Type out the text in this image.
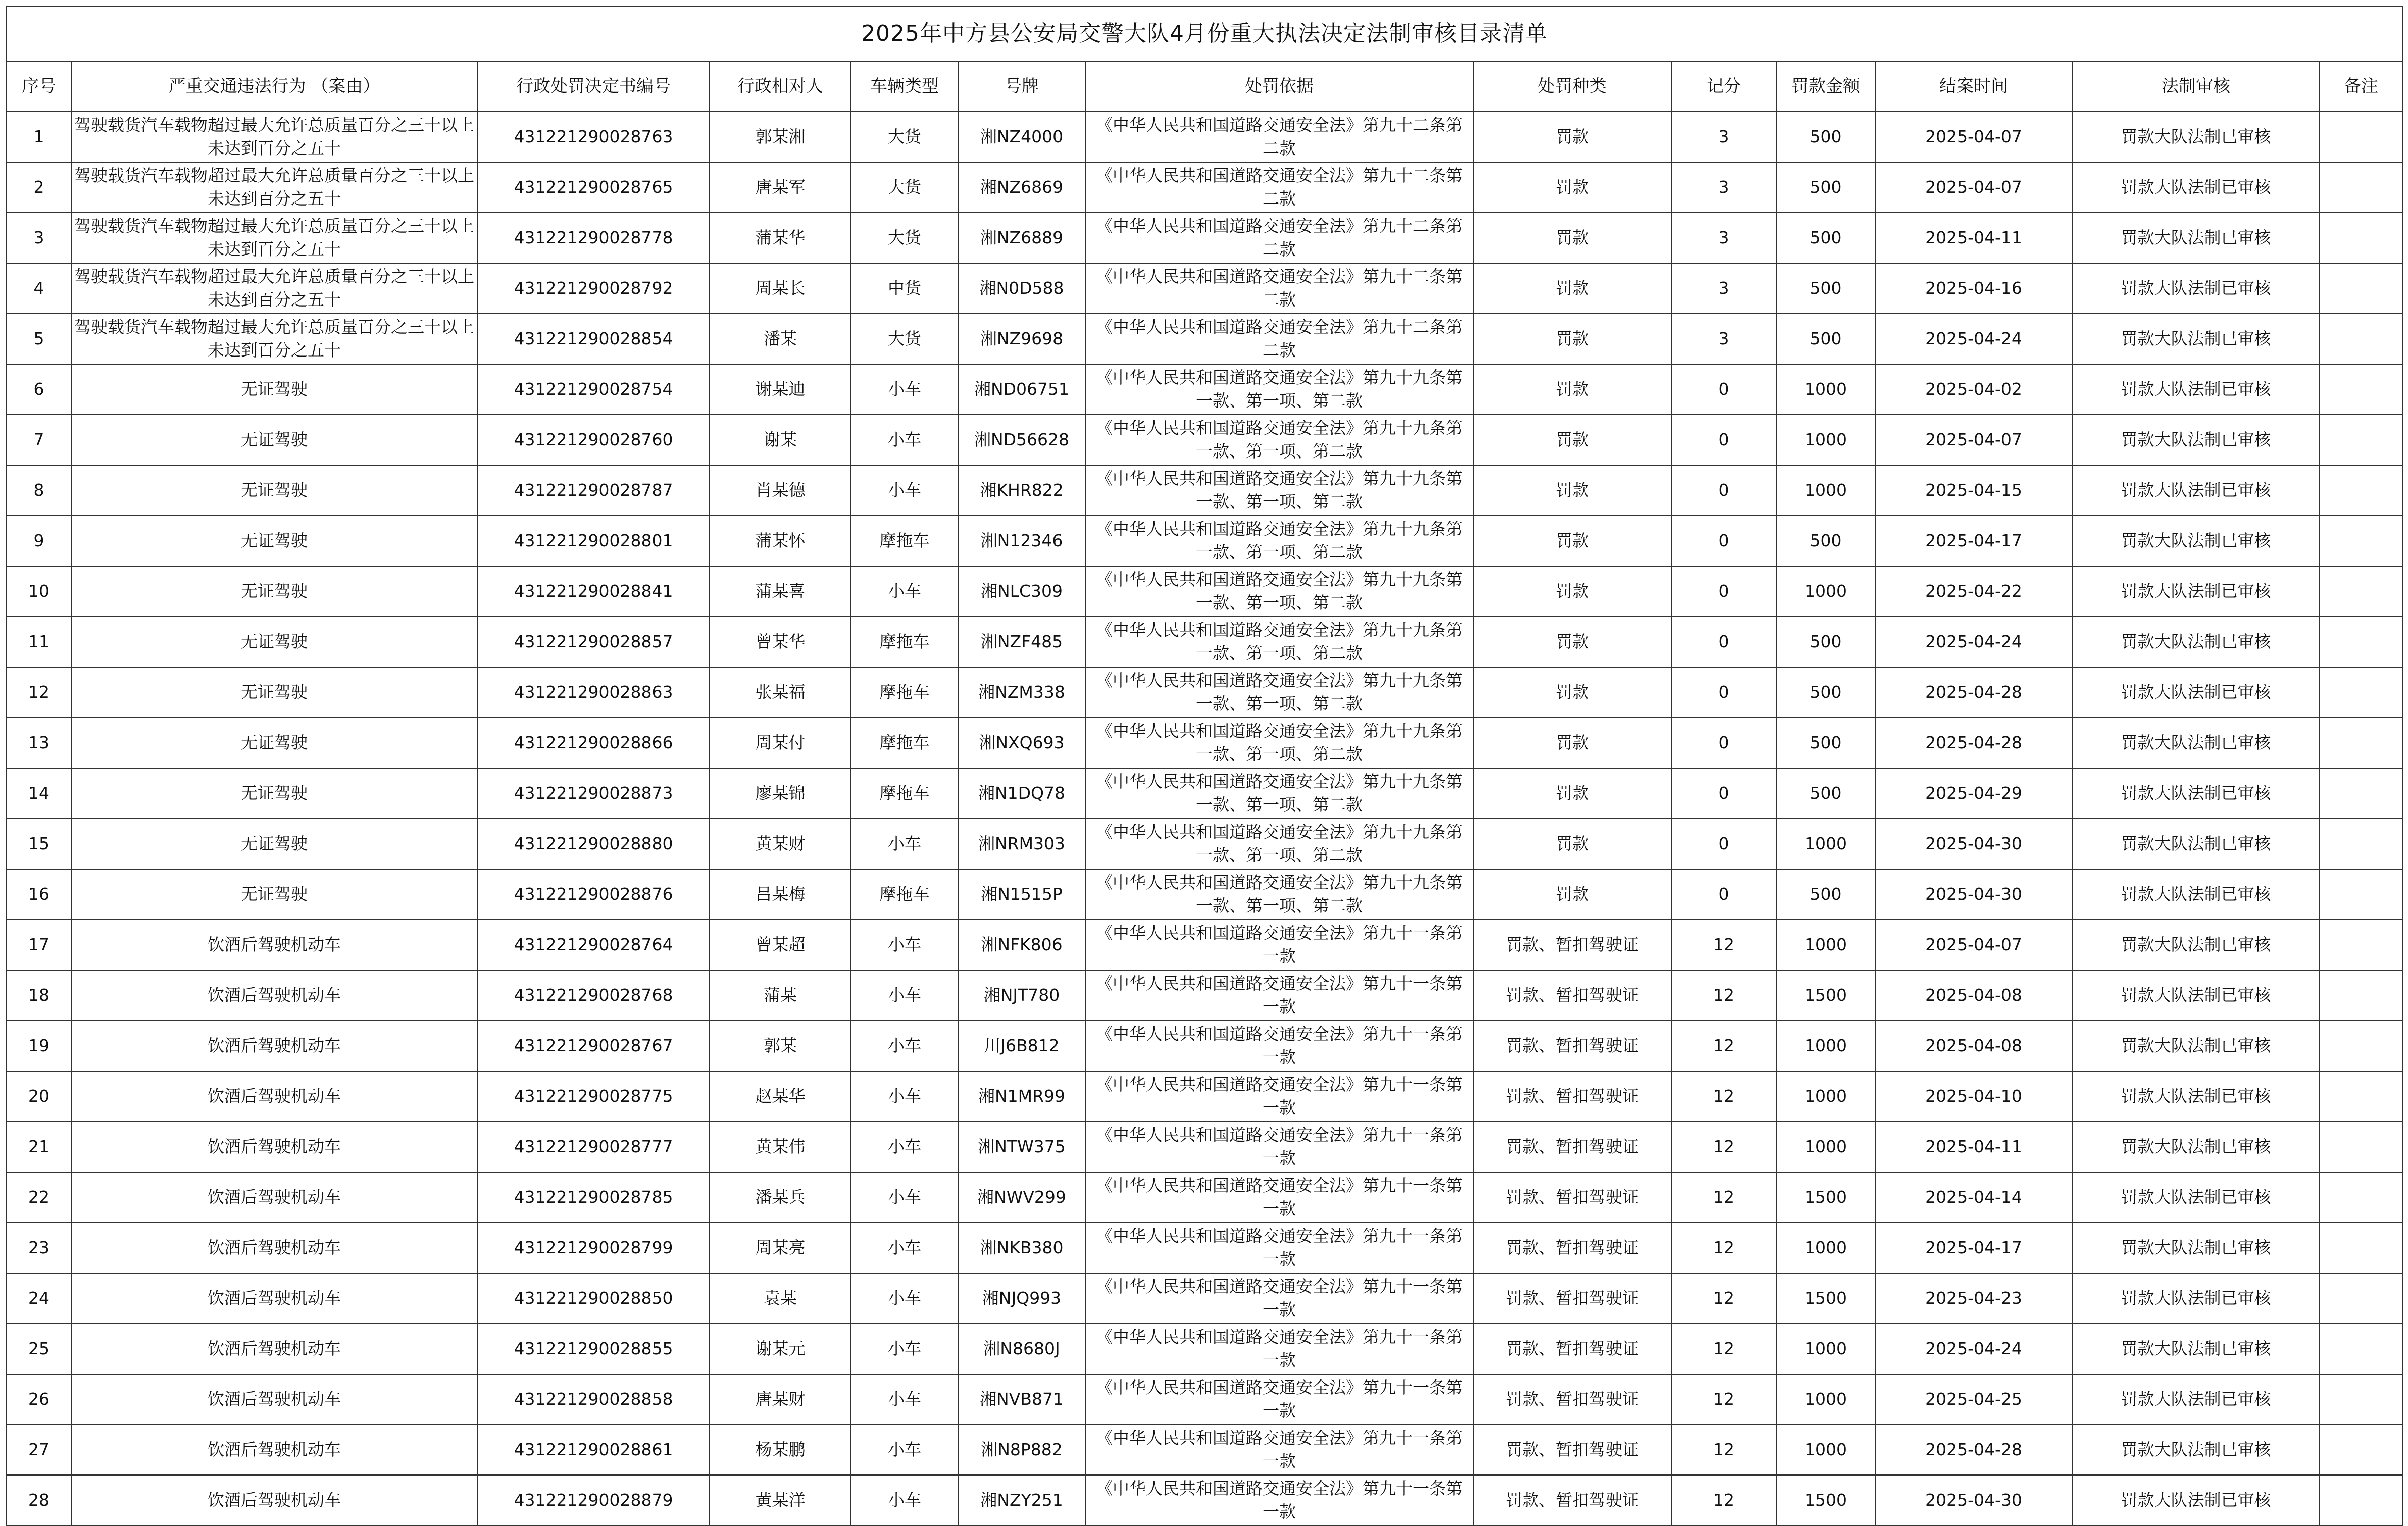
2025年中方县公安局交警大队4月份重大执法决定法制审核目录清单												
序号	严重交通违法行为 （案由）	行政处罚决定书编号	行政相对人	车辆类型	号牌	处罚依据	处罚种类	记分	罚款金额	结案时间	法制审核	备注
1	驾驶载货汽车载物超过最大允许总质量百分之三十以上未达到百分之五十	431221290028763	郭某湘	大货	湘NZ4000	《中华人民共和国道路交通安全法》第九十二条第二款	罚款	3	500	2025-04-07	罚款大队法制已审核	
2	驾驶载货汽车载物超过最大允许总质量百分之三十以上未达到百分之五十	431221290028765	唐某军	大货	湘NZ6869	《中华人民共和国道路交通安全法》第九十二条第二款	罚款	3	500	2025-04-07	罚款大队法制已审核	
3	驾驶载货汽车载物超过最大允许总质量百分之三十以上未达到百分之五十	431221290028778	蒲某华	大货	湘NZ6889	《中华人民共和国道路交通安全法》第九十二条第二款	罚款	3	500	2025-04-11	罚款大队法制已审核	
4	驾驶载货汽车载物超过最大允许总质量百分之三十以上未达到百分之五十	431221290028792	周某长	中货	湘N0D588	《中华人民共和国道路交通安全法》第九十二条第二款	罚款	3	500	2025-04-16	罚款大队法制已审核	
5	驾驶载货汽车载物超过最大允许总质量百分之三十以上未达到百分之五十	431221290028854	潘某	大货	湘NZ9698	《中华人民共和国道路交通安全法》第九十二条第二款	罚款	3	500	2025-04-24	罚款大队法制已审核	
6	无证驾驶	431221290028754	谢某迪	小车	湘ND06751	《中华人民共和国道路交通安全法》第九十九条第一款、第一项、第二款	罚款	0	1000	2025-04-02	罚款大队法制已审核	
7	无证驾驶	431221290028760	谢某	小车	湘ND56628	《中华人民共和国道路交通安全法》第九十九条第一款、第一项、第二款	罚款	0	1000	2025-04-07	罚款大队法制已审核	
8	无证驾驶	431221290028787	肖某德	小车	湘KHR822	《中华人民共和国道路交通安全法》第九十九条第一款、第一项、第二款	罚款	0	1000	2025-04-15	罚款大队法制已审核	
9	无证驾驶	431221290028801	蒲某怀	摩拖车	湘N12346	《中华人民共和国道路交通安全法》第九十九条第一款、第一项、第二款	罚款	0	500	2025-04-17	罚款大队法制已审核	
10	无证驾驶	431221290028841	蒲某喜	小车	湘NLC309	《中华人民共和国道路交通安全法》第九十九条第一款、第一项、第二款	罚款	0	1000	2025-04-22	罚款大队法制已审核	
11	无证驾驶	431221290028857	曾某华	摩拖车	湘NZF485	《中华人民共和国道路交通安全法》第九十九条第一款、第一项、第二款	罚款	0	500	2025-04-24	罚款大队法制已审核	
12	无证驾驶	431221290028863	张某福	摩拖车	湘NZM338	《中华人民共和国道路交通安全法》第九十九条第一款、第一项、第二款	罚款	0	500	2025-04-28	罚款大队法制已审核	
13	无证驾驶	431221290028866	周某付	摩拖车	湘NXQ693	《中华人民共和国道路交通安全法》第九十九条第一款、第一项、第二款	罚款	0	500	2025-04-28	罚款大队法制已审核	
14	无证驾驶	431221290028873	廖某锦	摩拖车	湘N1DQ78	《中华人民共和国道路交通安全法》第九十九条第一款、第一项、第二款	罚款	0	500	2025-04-29	罚款大队法制已审核	
15	无证驾驶	431221290028880	黄某财	小车	湘NRM303	《中华人民共和国道路交通安全法》第九十九条第一款、第一项、第二款	罚款	0	1000	2025-04-30	罚款大队法制已审核	
16	无证驾驶	431221290028876	吕某梅	摩拖车	湘N1515P	《中华人民共和国道路交通安全法》第九十九条第一款、第一项、第二款	罚款	0	500	2025-04-30	罚款大队法制已审核	
17	饮酒后驾驶机动车	431221290028764	曾某超	小车	湘NFK806	《中华人民共和国道路交通安全法》第九十一条第一款	罚款、暂扣驾驶证	12	1000	2025-04-07	罚款大队法制已审核	
18	饮酒后驾驶机动车	431221290028768	蒲某	小车	湘NJT780	《中华人民共和国道路交通安全法》第九十一条第一款	罚款、暂扣驾驶证	12	1500	2025-04-08	罚款大队法制已审核	
19	饮酒后驾驶机动车	431221290028767	郭某	小车	川J6B812	《中华人民共和国道路交通安全法》第九十一条第一款	罚款、暂扣驾驶证	12	1000	2025-04-08	罚款大队法制已审核	
20	饮酒后驾驶机动车	431221290028775	赵某华	小车	湘N1MR99	《中华人民共和国道路交通安全法》第九十一条第一款	罚款、暂扣驾驶证	12	1000	2025-04-10	罚款大队法制已审核	
21	饮酒后驾驶机动车	431221290028777	黄某伟	小车	湘NTW375	《中华人民共和国道路交通安全法》第九十一条第一款	罚款、暂扣驾驶证	12	1000	2025-04-11	罚款大队法制已审核	
22	饮酒后驾驶机动车	431221290028785	潘某兵	小车	湘NWV299	《中华人民共和国道路交通安全法》第九十一条第一款	罚款、暂扣驾驶证	12	1500	2025-04-14	罚款大队法制已审核	
23	饮酒后驾驶机动车	431221290028799	周某亮	小车	湘NKB380	《中华人民共和国道路交通安全法》第九十一条第一款	罚款、暂扣驾驶证	12	1000	2025-04-17	罚款大队法制已审核	
24	饮酒后驾驶机动车	431221290028850	袁某	小车	湘NJQ993	《中华人民共和国道路交通安全法》第九十一条第一款	罚款、暂扣驾驶证	12	1500	2025-04-23	罚款大队法制已审核	
25	饮酒后驾驶机动车	431221290028855	谢某元	小车	湘N8680J	《中华人民共和国道路交通安全法》第九十一条第一款	罚款、暂扣驾驶证	12	1000	2025-04-24	罚款大队法制已审核	
26	饮酒后驾驶机动车	431221290028858	唐某财	小车	湘NVB871	《中华人民共和国道路交通安全法》第九十一条第一款	罚款、暂扣驾驶证	12	1000	2025-04-25	罚款大队法制已审核	
27	饮酒后驾驶机动车	431221290028861	杨某鹏	小车	湘N8P882	《中华人民共和国道路交通安全法》第九十一条第一款	罚款、暂扣驾驶证	12	1000	2025-04-28	罚款大队法制已审核	
28	饮酒后驾驶机动车	431221290028879	黄某洋	小车	湘NZY251	《中华人民共和国道路交通安全法》第九十一条第一款	罚款、暂扣驾驶证	12	1500	2025-04-30	罚款大队法制已审核	
